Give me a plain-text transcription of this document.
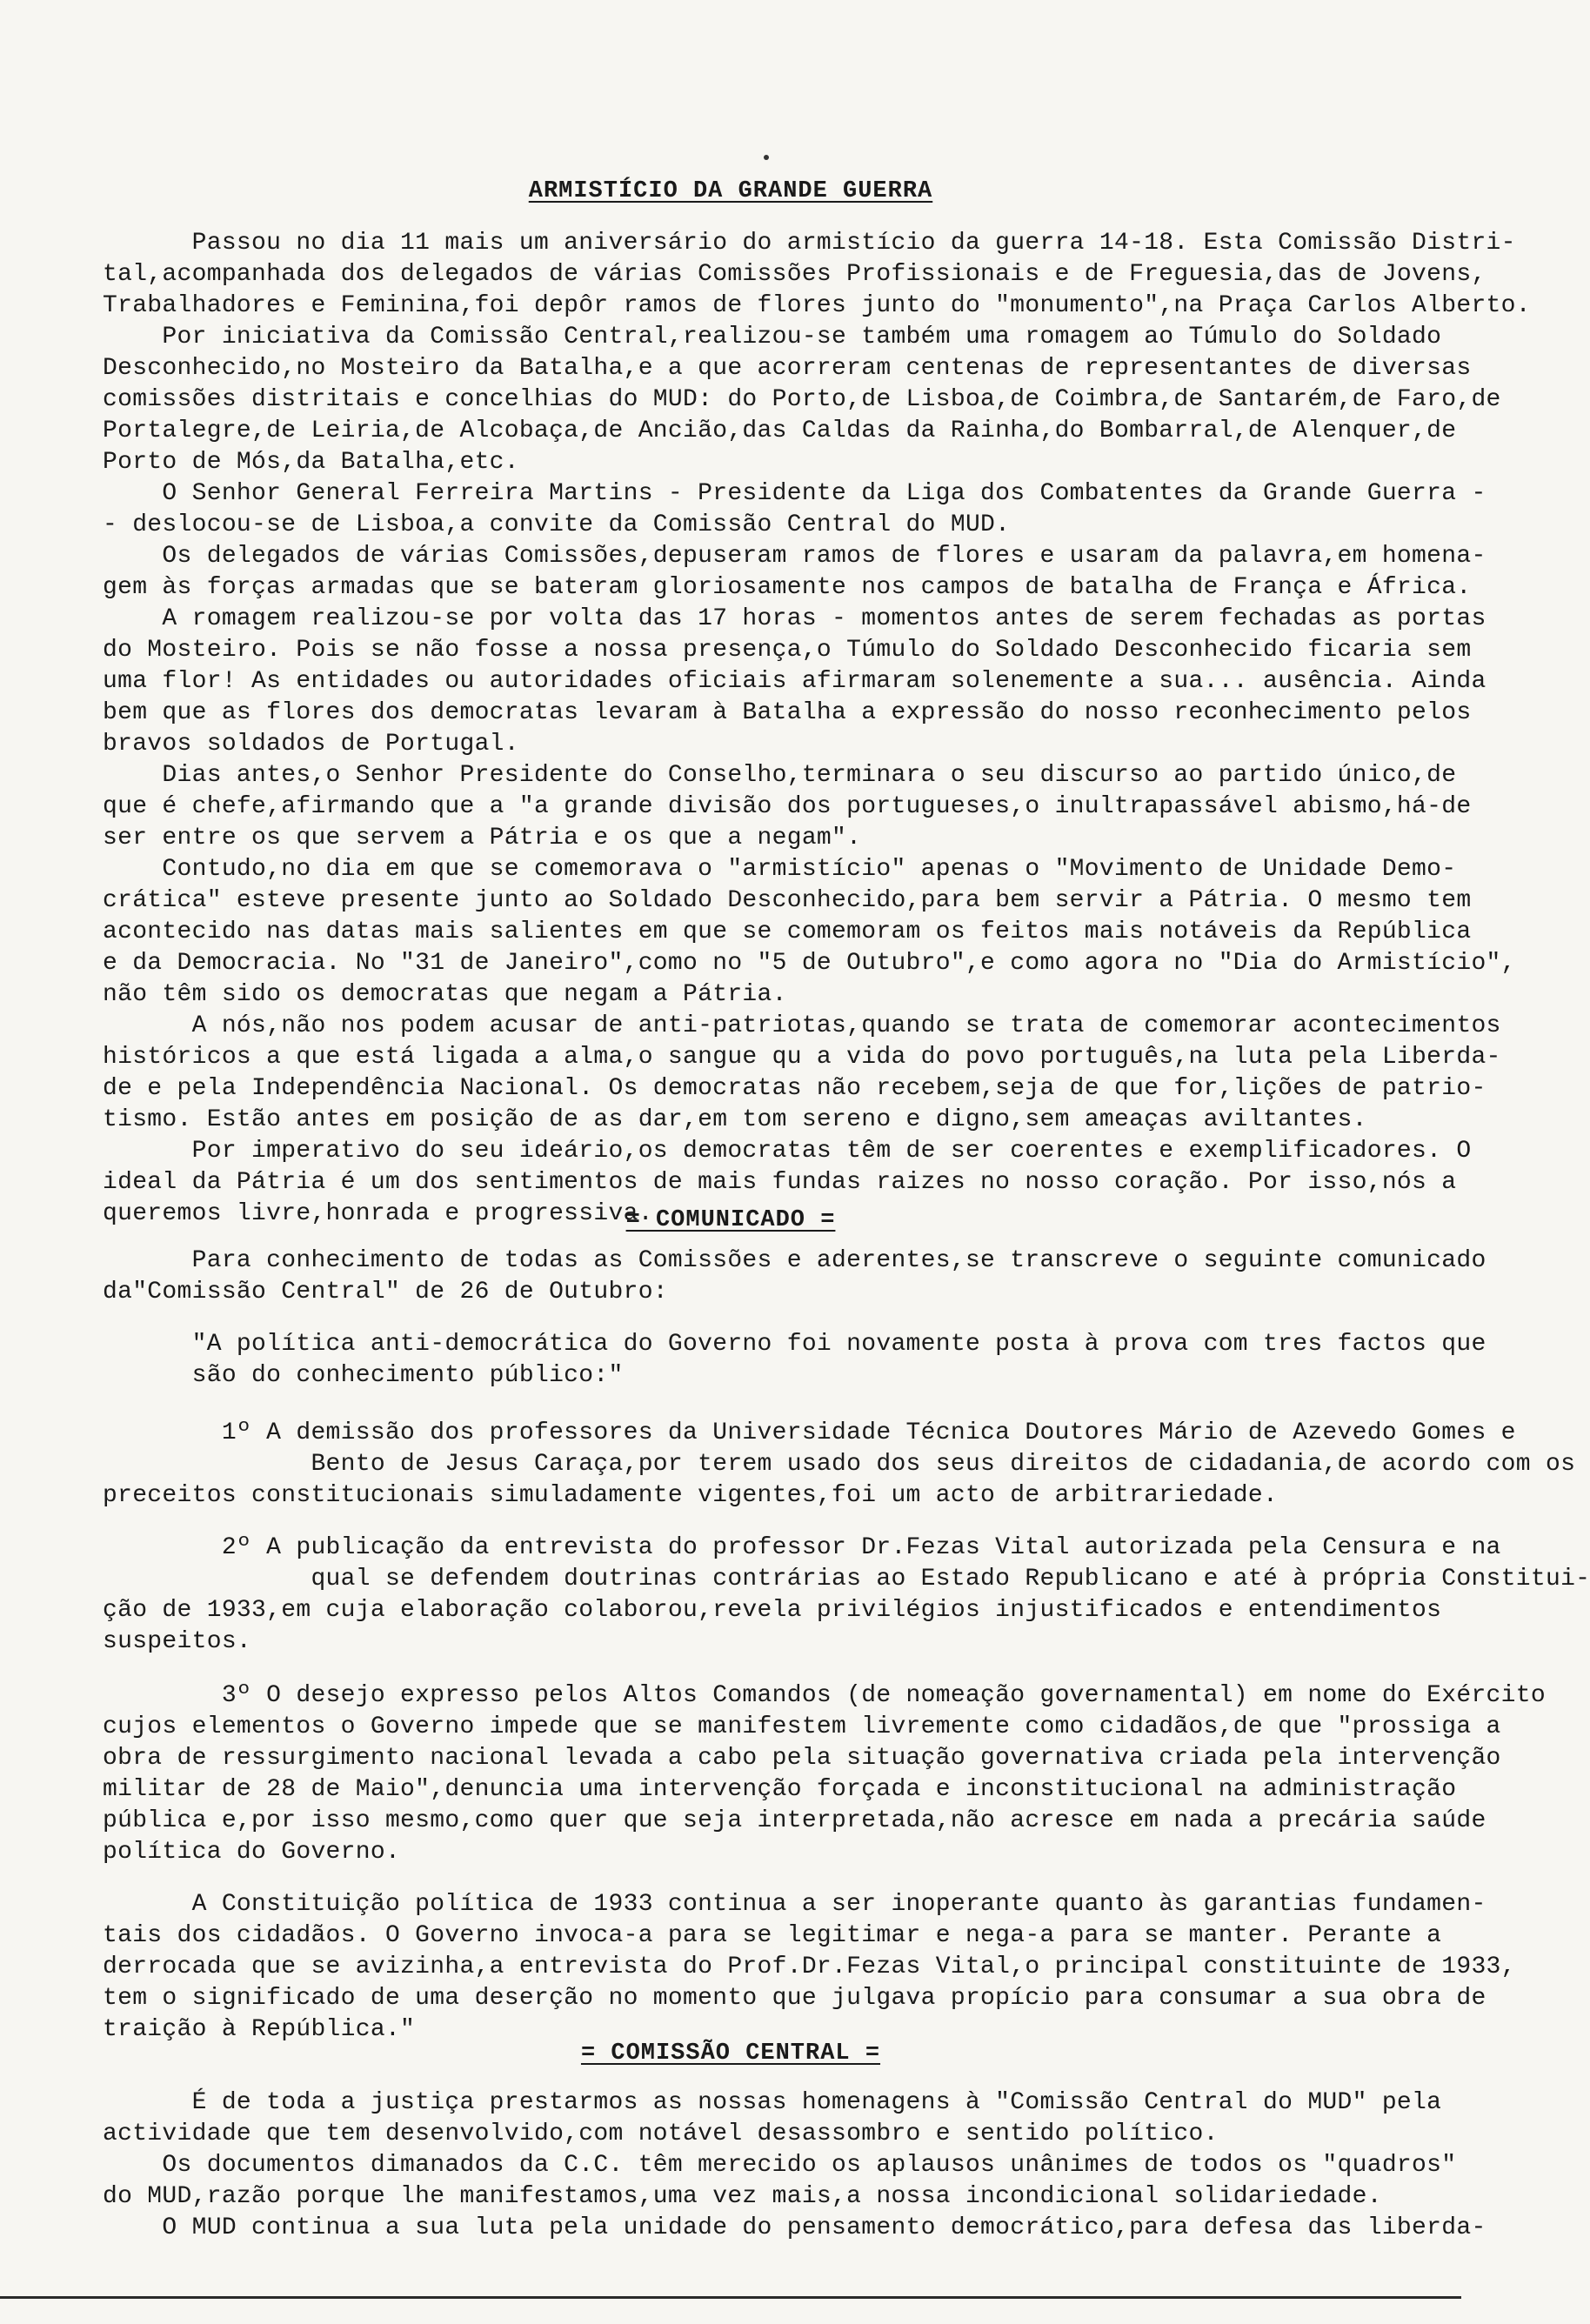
ARMISTÍCIO DA GRANDE GUERRA
Passou no dia 11 mais um aniversário do armistício da guerra 14-18. Esta Comissão Distri-
tal,acompanhada dos delegados de várias Comissões Profissionais e de Freguesia,das de Jovens,
Trabalhadores e Feminina,foi depôr ramos de flores junto do "monumento",na Praça Carlos Alberto.
Por iniciativa da Comissão Central,realizou-se também uma romagem ao Túmulo do Soldado
Desconhecido,no Mosteiro da Batalha,e a que acorreram centenas de representantes de diversas
comissões distritais e concelhias do MUD: do Porto,de Lisboa,de Coimbra,de Santarém,de Faro,de
Portalegre,de Leiria,de Alcobaça,de Ancião,das Caldas da Rainha,do Bombarral,de Alenquer,de
Porto de Mós,da Batalha,etc.
O Senhor General Ferreira Martins - Presidente da Liga dos Combatentes da Grande Guerra -
- deslocou-se de Lisboa,a convite da Comissão Central do MUD.
Os delegados de várias Comissões,depuseram ramos de flores e usaram da palavra,em homena-
gem às forças armadas que se bateram gloriosamente nos campos de batalha de França e África.
A romagem realizou-se por volta das 17 horas - momentos antes de serem fechadas as portas
do Mosteiro. Pois se não fosse a nossa presença,o Túmulo do Soldado Desconhecido ficaria sem
uma flor! As entidades ou autoridades oficiais afirmaram solenemente a sua... ausência. Ainda
bem que as flores dos democratas levaram à Batalha a expressão do nosso reconhecimento pelos
bravos soldados de Portugal.
Dias antes,o Senhor Presidente do Conselho,terminara o seu discurso ao partido único,de
que é chefe,afirmando que a "a grande divisão dos portugueses,o inultrapassável abismo,há-de
ser entre os que servem a Pátria e os que a negam".
Contudo,no dia em que se comemorava o "armistício" apenas o "Movimento de Unidade Demo-
crática" esteve presente junto ao Soldado Desconhecido,para bem servir a Pátria. O mesmo tem
acontecido nas datas mais salientes em que se comemoram os feitos mais notáveis da República
e da Democracia. No "31 de Janeiro",como no "5 de Outubro",e como agora no "Dia do Armistício",
não têm sido os democratas que negam a Pátria.
A nós,não nos podem acusar de anti-patriotas,quando se trata de comemorar acontecimentos
históricos a que está ligada a alma,o sangue qu a vida do povo português,na luta pela Liberda-
de e pela Independência Nacional. Os democratas não recebem,seja de que for,lições de patrio-
tismo. Estão antes em posição de as dar,em tom sereno e digno,sem ameaças aviltantes.
Por imperativo do seu ideário,os democratas têm de ser coerentes e exemplificadores. O
ideal da Pátria é um dos sentimentos de mais fundas raizes no nosso coração. Por isso,nós a
queremos livre,honrada e progressiva.
= COMUNICADO =
Para conhecimento de todas as Comissões e aderentes,se transcreve o seguinte comunicado
da"Comissão Central" de 26 de Outubro:
"A política anti-democrática do Governo foi novamente posta à prova com tres factos que
são do conhecimento público:"
1º A demissão dos professores da Universidade Técnica Doutores Mário de Azevedo Gomes e
Bento de Jesus Caraça,por terem usado dos seus direitos de cidadania,de acordo com os
preceitos constitucionais simuladamente vigentes,foi um acto de arbitrariedade.
2º A publicação da entrevista do professor Dr.Fezas Vital autorizada pela Censura e na
qual se defendem doutrinas contrárias ao Estado Republicano e até à própria Constitui-
ção de 1933,em cuja elaboração colaborou,revela privilégios injustificados e entendimentos
suspeitos.
3º O desejo expresso pelos Altos Comandos (de nomeação governamental) em nome do Exército
cujos elementos o Governo impede que se manifestem livremente como cidadãos,de que "prossiga a
obra de ressurgimento nacional levada a cabo pela situação governativa criada pela intervenção
militar de 28 de Maio",denuncia uma intervenção forçada e inconstitucional na administração
pública e,por isso mesmo,como quer que seja interpretada,não acresce em nada a precária saúde
política do Governo.
A Constituição política de 1933 continua a ser inoperante quanto às garantias fundamen-
tais dos cidadãos. O Governo invoca-a para se legitimar e nega-a para se manter. Perante a
derrocada que se avizinha,a entrevista do Prof.Dr.Fezas Vital,o principal constituinte de 1933,
tem o significado de uma deserção no momento que julgava propício para consumar a sua obra de
traição à República."
= COMISSÃO CENTRAL =
É de toda a justiça prestarmos as nossas homenagens à "Comissão Central do MUD" pela
actividade que tem desenvolvido,com notável desassombro e sentido político.
Os documentos dimanados da C.C. têm merecido os aplausos unânimes de todos os "quadros"
do MUD,razão porque lhe manifestamos,uma vez mais,a nossa incondicional solidariedade.
O MUD continua a sua luta pela unidade do pensamento democrático,para defesa das liberda-
